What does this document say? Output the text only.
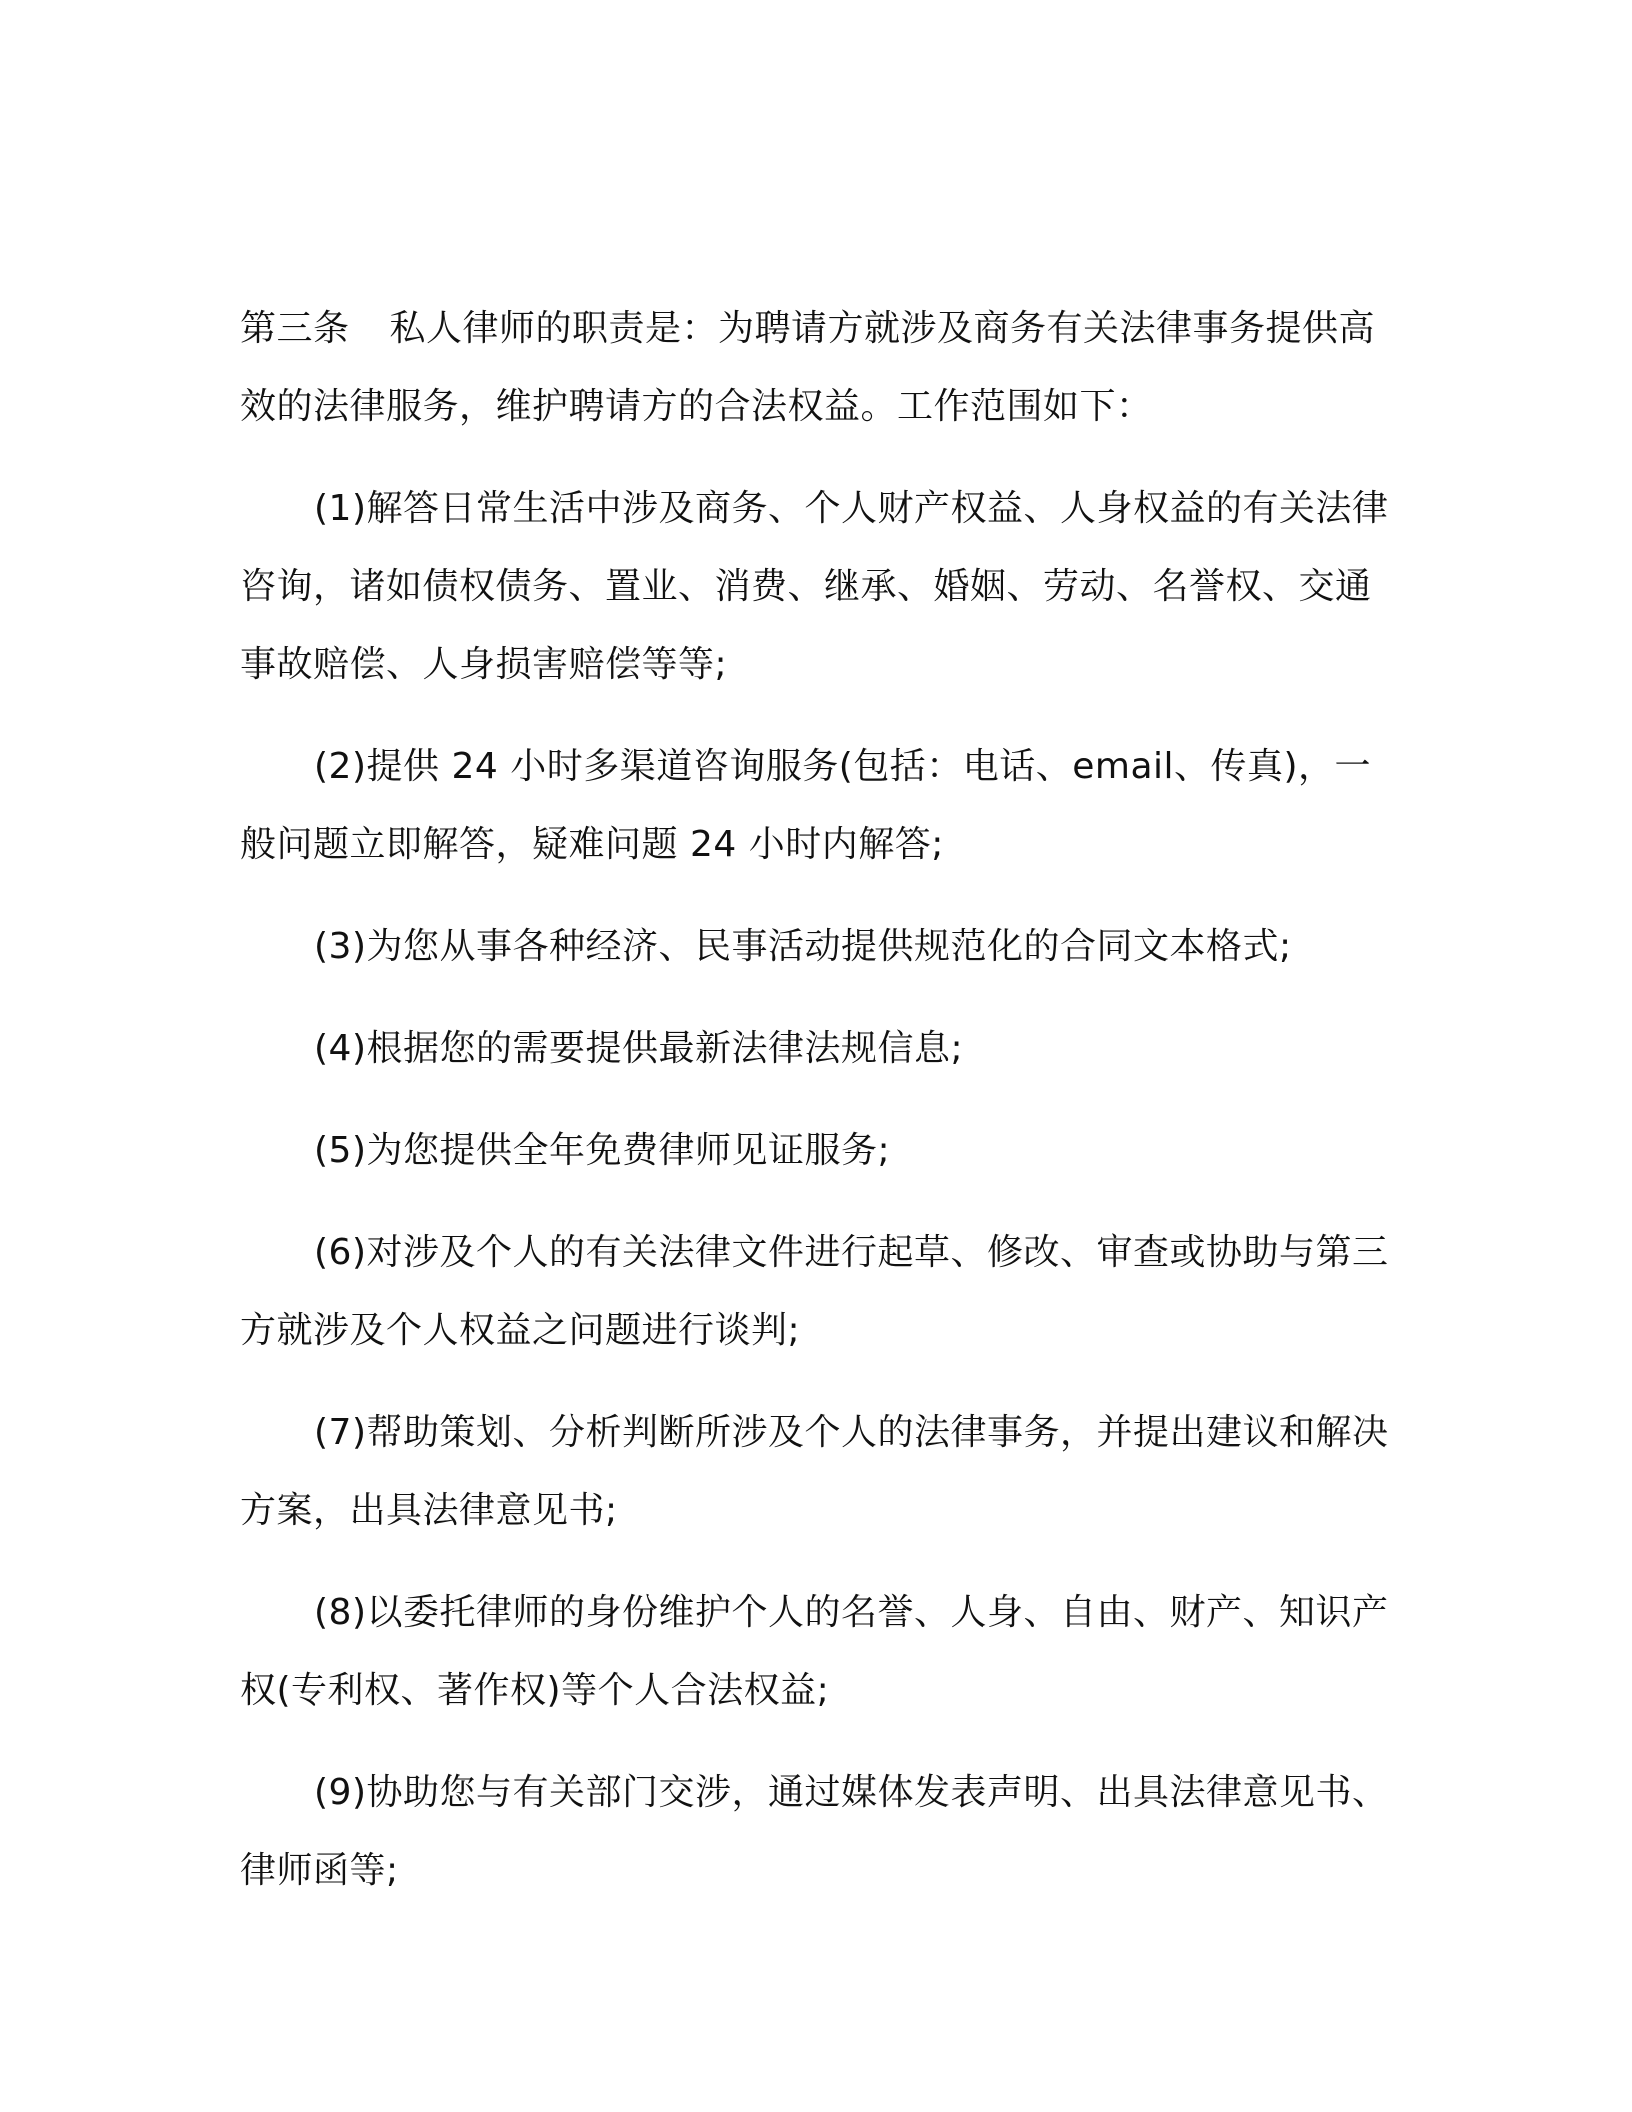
第三条 私人律师的职责是：为聘请方就涉及商务有关法律事务提供高效的法律服务，维护聘请方的合法权益。工作范围如下：

(1)解答日常生活中涉及商务、个人财产权益、人身权益的有关法律咨询，诸如债权债务、置业、消费、继承、婚姻、劳动、名誉权、交通事故赔偿、人身损害赔偿等等;

(2)提供 24 小时多渠道咨询服务(包括：电话、email、传真)，一般问题立即解答，疑难问题 24 小时内解答;

(3)为您从事各种经济、民事活动提供规范化的合同文本格式;

(4)根据您的需要提供最新法律法规信息;

(5)为您提供全年免费律师见证服务;

(6)对涉及个人的有关法律文件进行起草、修改、审查或协助与第三方就涉及个人权益之问题进行谈判;

(7)帮助策划、分析判断所涉及个人的法律事务，并提出建议和解决方案，出具法律意见书;

(8)以委托律师的身份维护个人的名誉、人身、自由、财产、知识产权(专利权、著作权)等个人合法权益;

(9)协助您与有关部门交涉，通过媒体发表声明、出具法律意见书、律师函等;
